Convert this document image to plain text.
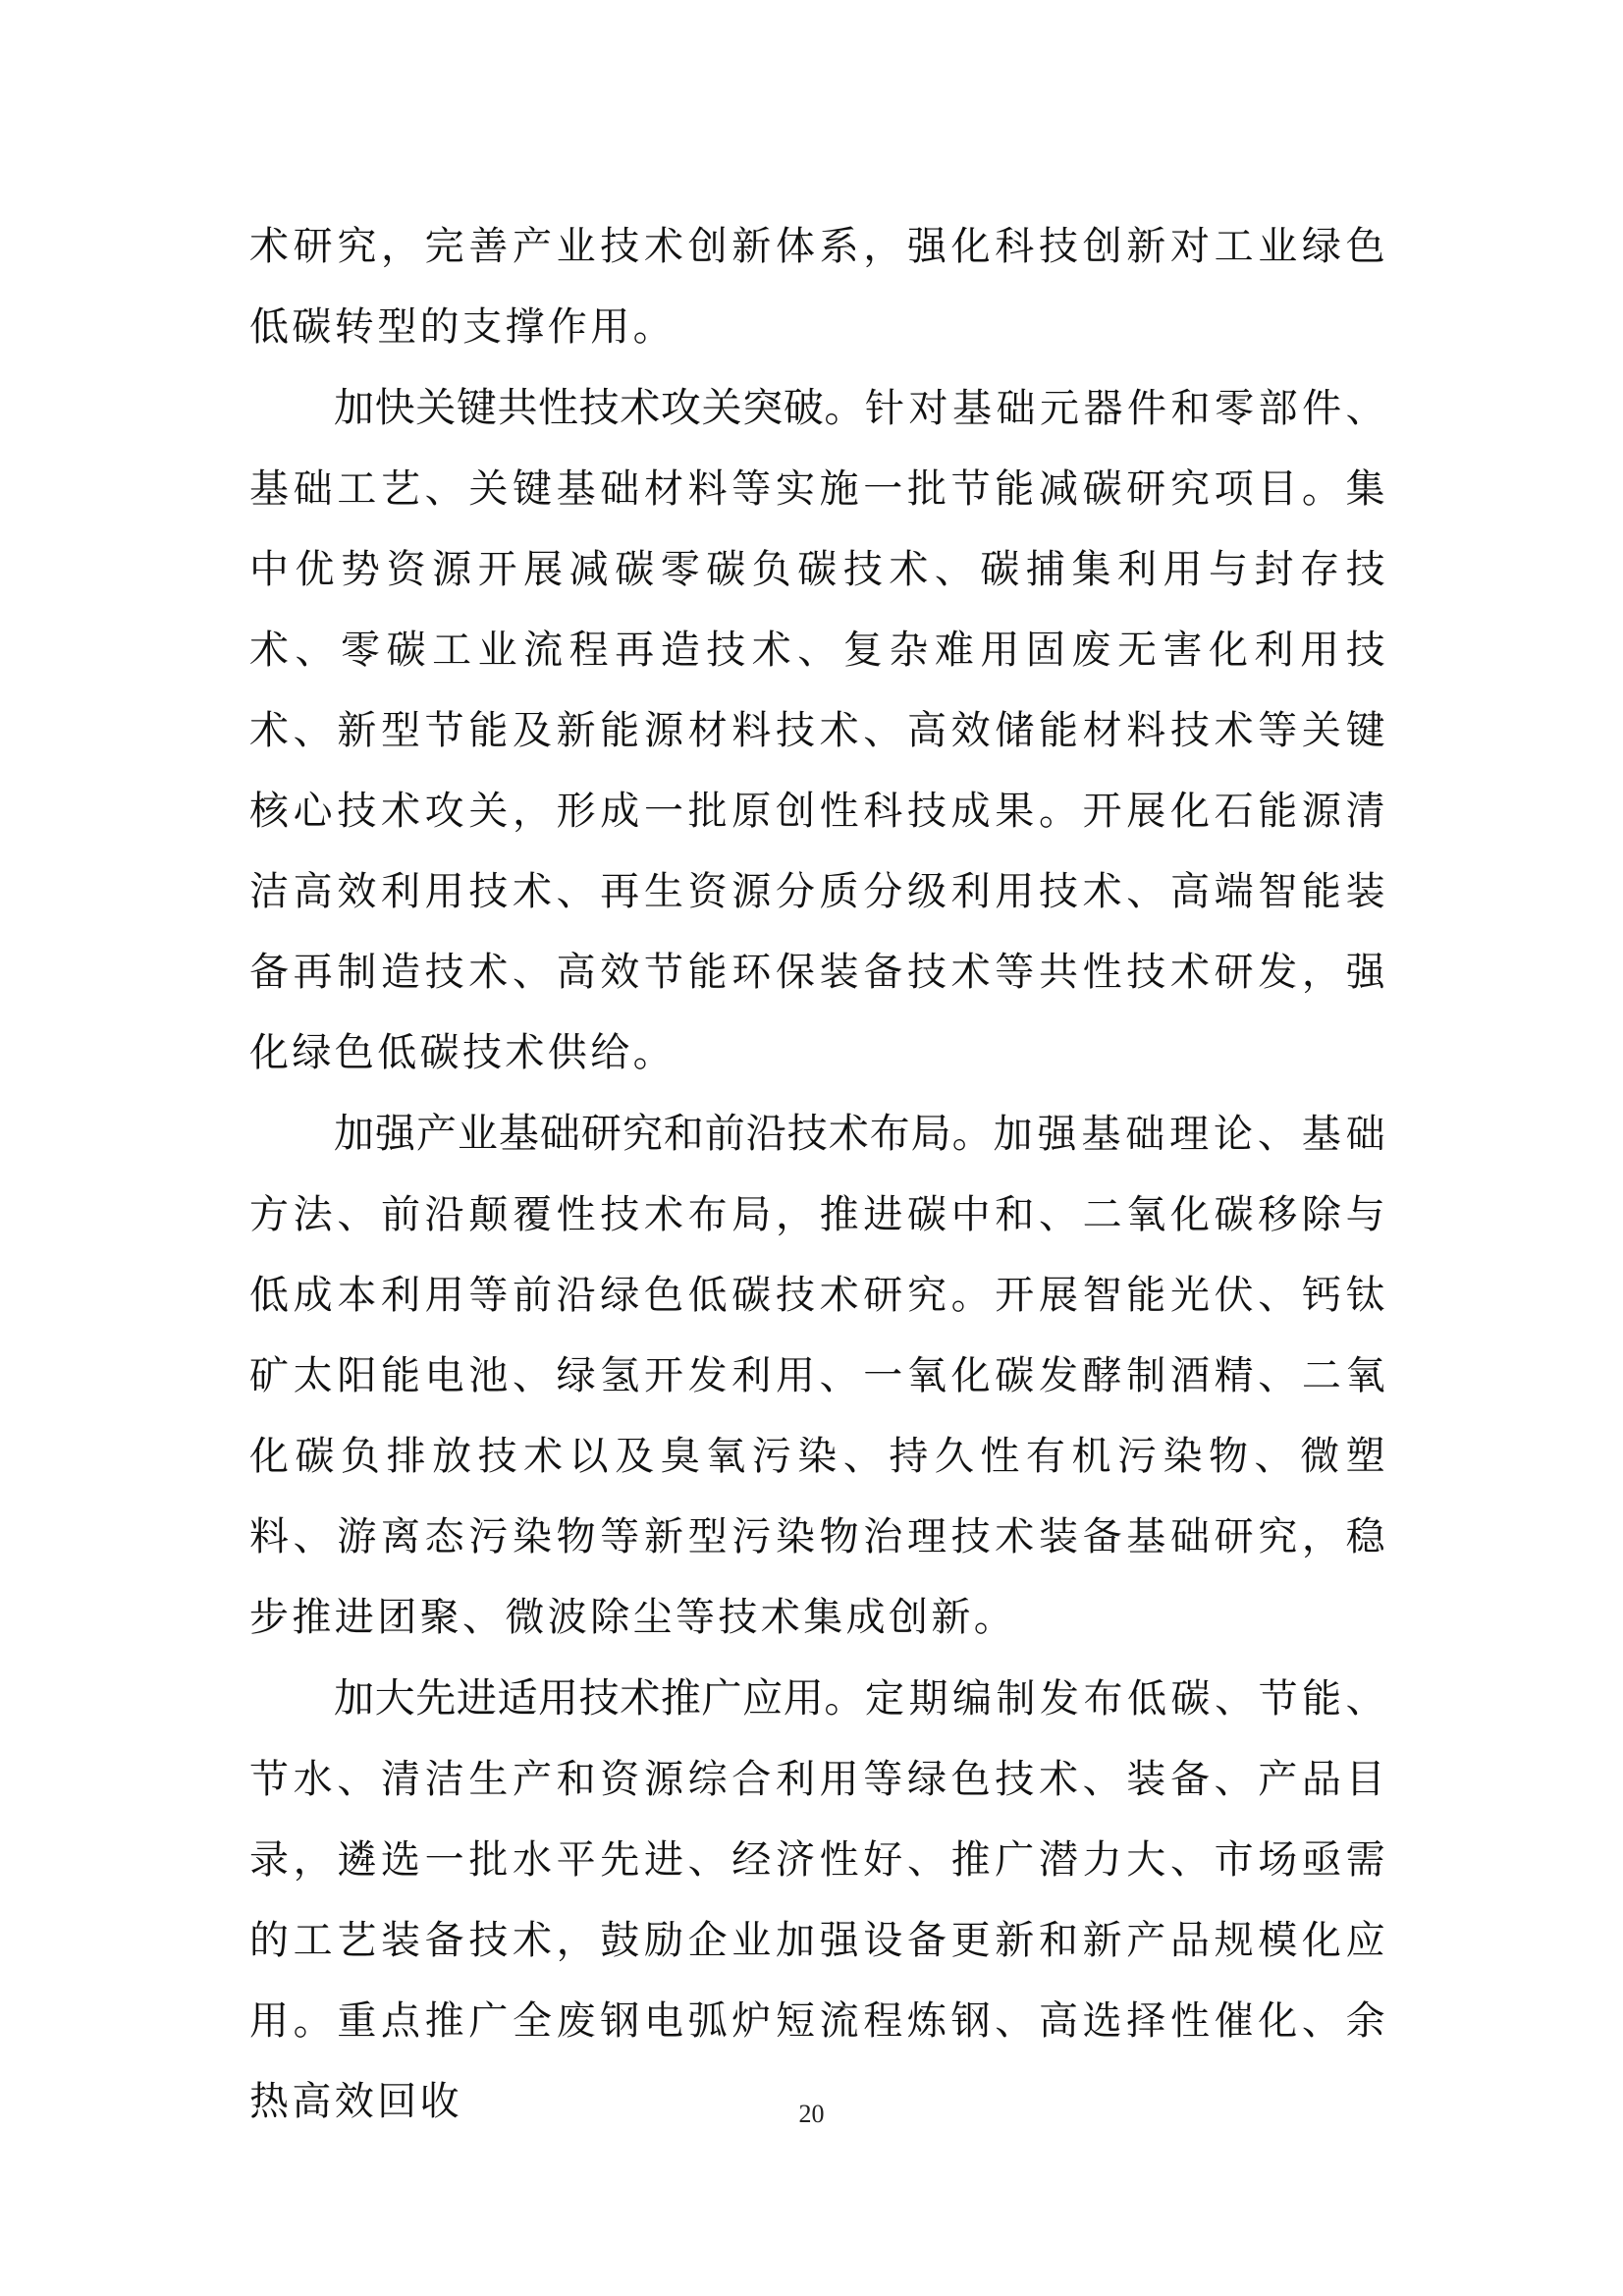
术研究，完善产业技术创新体系，强化科技创新对工业绿色低碳转型的支撑作用。

加快关键共性技术攻关突破。针对基础元器件和零部件、基础工艺、关键基础材料等实施一批节能减碳研究项目。集中优势资源开展减碳零碳负碳技术、碳捕集利用与封存技术、零碳工业流程再造技术、复杂难用固废无害化利用技术、新型节能及新能源材料技术、高效储能材料技术等关键核心技术攻关，形成一批原创性科技成果。开展化石能源清洁高效利用技术、再生资源分质分级利用技术、高端智能装备再制造技术、高效节能环保装备技术等共性技术研发，强化绿色低碳技术供给。

加强产业基础研究和前沿技术布局。加强基础理论、基础方法、前沿颠覆性技术布局，推进碳中和、二氧化碳移除与低成本利用等前沿绿色低碳技术研究。开展智能光伏、钙钛矿太阳能电池、绿氢开发利用、一氧化碳发酵制酒精、二氧化碳负排放技术以及臭氧污染、持久性有机污染物、微塑料、游离态污染物等新型污染物治理技术装备基础研究，稳步推进团聚、微波除尘等技术集成创新。

加大先进适用技术推广应用。定期编制发布低碳、节能、节水、清洁生产和资源综合利用等绿色技术、装备、产品目录，遴选一批水平先进、经济性好、推广潜力大、市场亟需的工艺装备技术，鼓励企业加强设备更新和新产品规模化应用。重点推广全废钢电弧炉短流程炼钢、高选择性催化、余热高效回收	20
